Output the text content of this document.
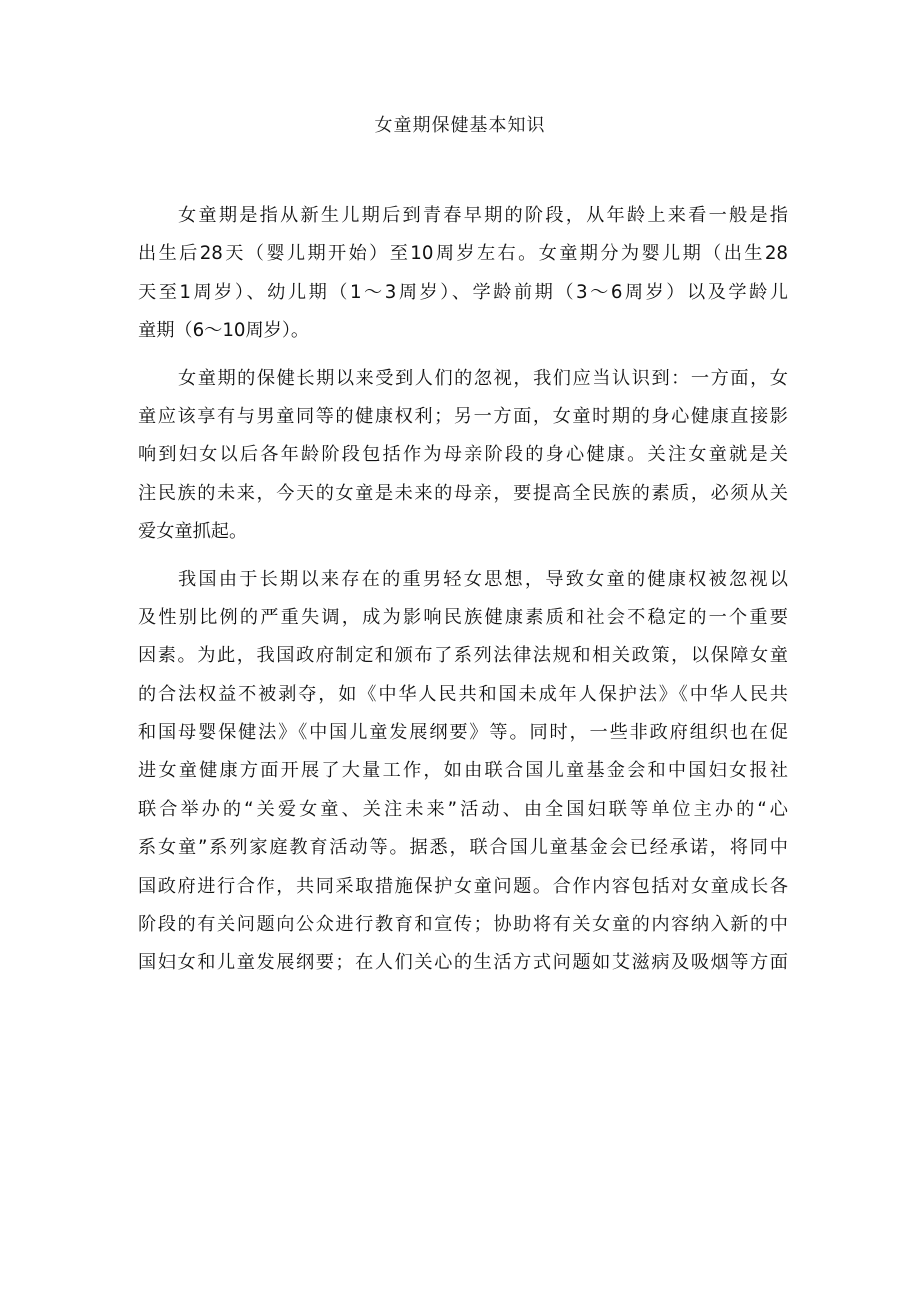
女童期保健基本知识

女童期是指从新生儿期后到青春早期的阶段，从年龄上来看一般是指
出生后28天（婴儿期开始）至10周岁左右。女童期分为婴儿期（出生28
天至1周岁）、幼儿期（1～3周岁）、学龄前期（3～6周岁）以及学龄儿
童期（6～10周岁）。

女童期的保健长期以来受到人们的忽视，我们应当认识到：一方面，女
童应该享有与男童同等的健康权利；另一方面，女童时期的身心健康直接影
响到妇女以后各年龄阶段包括作为母亲阶段的身心健康。关注女童就是关
注民族的未来，今天的女童是未来的母亲，要提高全民族的素质，必须从关
爱女童抓起。

我国由于长期以来存在的重男轻女思想，导致女童的健康权被忽视以
及性别比例的严重失调，成为影响民族健康素质和社会不稳定的一个重要
因素。为此，我国政府制定和颁布了系列法律法规和相关政策，以保障女童
的合法权益不被剥夺，如《中华人民共和国未成年人保护法》《中华人民共
和国母婴保健法》《中国儿童发展纲要》等。同时，一些非政府组织也在促
进女童健康方面开展了大量工作，如由联合国儿童基金会和中国妇女报社
联合举办的“关爱女童、关注未来”活动、由全国妇联等单位主办的“心
系女童”系列家庭教育活动等。据悉，联合国儿童基金会已经承诺，将同中
国政府进行合作，共同采取措施保护女童问题。合作内容包括对女童成长各
阶段的有关问题向公众进行教育和宣传；协助将有关女童的内容纳入新的中
国妇女和儿童发展纲要；在人们关心的生活方式问题如艾滋病及吸烟等方面
